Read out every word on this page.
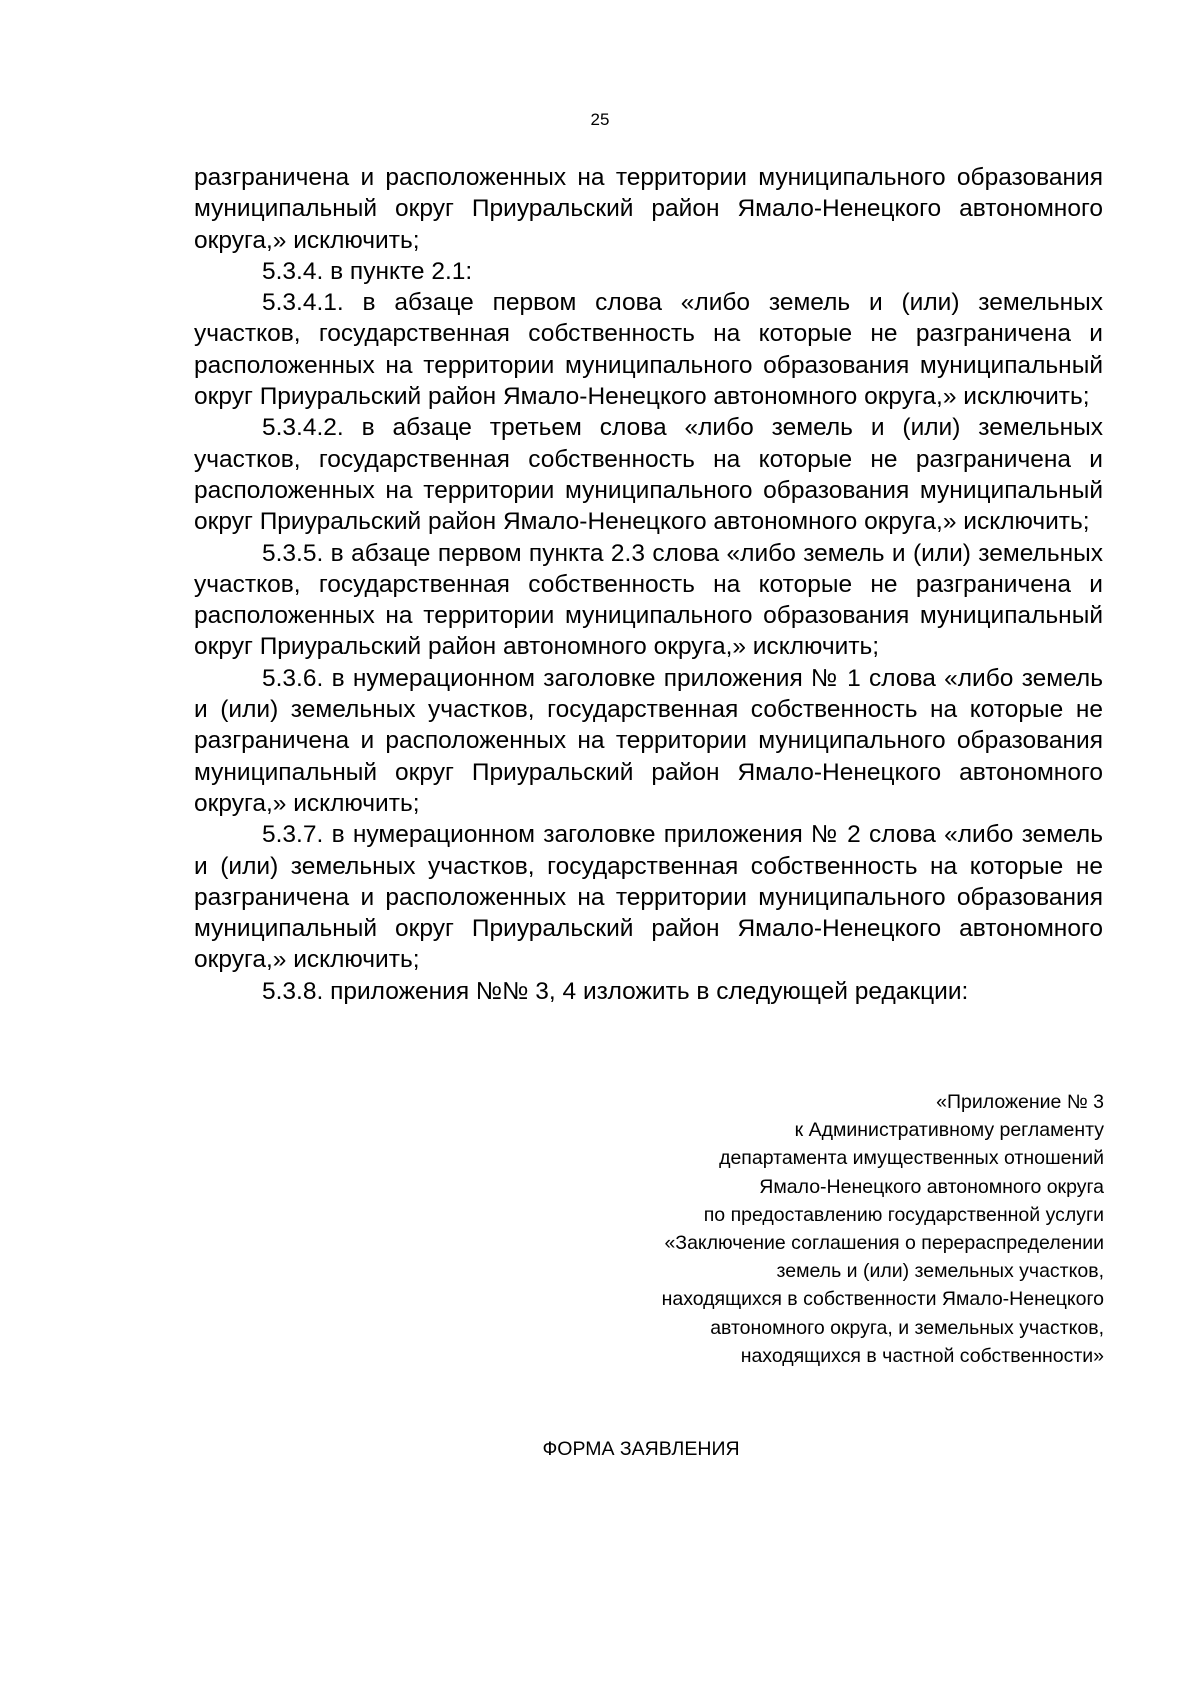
25

разграничена и расположенных на территории муниципального образования муниципальный округ Приуральский район Ямало-Ненецкого автономного округа,» исключить;

5.3.4. в пункте 2.1:

5.3.4.1. в абзаце первом слова «либо земель и (или) земельных участков, государственная собственность на которые не разграничена и расположенных на территории муниципального образования муниципальный округ Приуральский район Ямало-Ненецкого автономного округа,» исключить;

5.3.4.2. в абзаце третьем слова «либо земель и (или) земельных участков, государственная собственность на которые не разграничена и расположенных на территории муниципального образования муниципальный округ Приуральский район Ямало-Ненецкого автономного округа,» исключить;

5.3.5. в абзаце первом пункта 2.3 слова «либо земель и (или) земельных участков, государственная собственность на которые не разграничена и расположенных на территории муниципального образования муниципальный округ Приуральский район автономного округа,» исключить;

5.3.6. в нумерационном заголовке приложения № 1 слова «либо земель и (или) земельных участков, государственная собственность на которые не разграничена и расположенных на территории муниципального образования муниципальный округ Приуральский район Ямало-Ненецкого автономного округа,» исключить;

5.3.7. в нумерационном заголовке приложения № 2 слова «либо земель и (или) земельных участков, государственная собственность на которые не разграничена и расположенных на территории муниципального образования муниципальный округ Приуральский район Ямало-Ненецкого автономного округа,» исключить;

5.3.8. приложения №№ 3, 4 изложить в следующей редакции:

«Приложение № 3
к Административному регламенту
департамента имущественных отношений
Ямало-Ненецкого автономного округа
по предоставлению государственной услуги
«Заключение соглашения о перераспределении
земель и (или) земельных участков,
находящихся в собственности Ямало-Ненецкого
автономного округа, и земельных участков,
находящихся в частной собственности»
ФОРМА ЗАЯВЛЕНИЯ
